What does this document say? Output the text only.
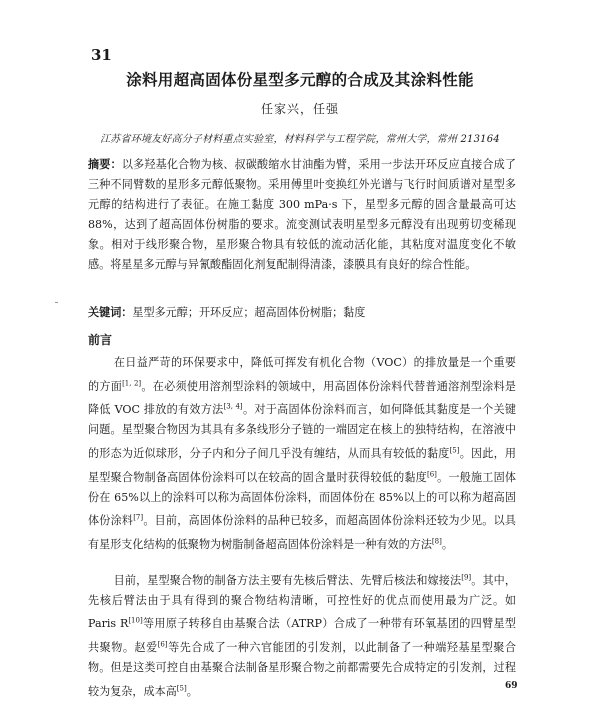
31
涂料用超高固体份星型多元醇的合成及其涂料性能
任家兴，任强
江苏省环境友好高分子材料重点实验室，材料科学与工程学院，常州大学，常州 213164
摘要：以多羟基化合物为核、叔碳酸缩水甘油酯为臂，采用一步法开环反应直接合成了三种不同臂数的星形多元醇低聚物。采用傅里叶变换红外光谱与飞行时间质谱对星型多元醇的结构进行了表征。在施工黏度 300 mPa·s 下，星型多元醇的固含量最高可达 88%，达到了超高固体份树脂的要求。流变测试表明星型多元醇没有出现剪切变稀现象。相对于线形聚合物，星形聚合物具有较低的流动活化能，其粘度对温度变化不敏感。将星星多元醇与异氰酸酯固化剂复配制得清漆，漆膜具有良好的综合性能。
关键词：星型多元醇；开环反应；超高固体份树脂；黏度
前言
在日益严苛的环保要求中，降低可挥发有机化合物（VOC）的排放量是一个重要的方面[1, 2]。在必须使用溶剂型涂料的领域中，用高固体份涂料代替普通溶剂型涂料是降低 VOC 排放的有效方法[3, 4]。对于高固体份涂料而言，如何降低其黏度是一个关键问题。星型聚合物因为其具有多条线形分子链的一端固定在核上的独特结构，在溶液中的形态为近似球形，分子内和分子间几乎没有缠结，从而具有较低的黏度[5]。因此，用星型聚合物制备高固体份涂料可以在较高的固含量时获得较低的黏度[6]。一般施工固体份在 65%以上的涂料可以称为高固体份涂料，而固体份在 85%以上的可以称为超高固体份涂料[7]。目前，高固体份涂料的品种已较多，而超高固体份涂料还较为少见。以具有星形支化结构的低聚物为树脂制备超高固体份涂料是一种有效的方法[8]。
目前，星型聚合物的制备方法主要有先核后臂法、先臂后核法和嫁接法[9]。其中，先核后臂法由于具有得到的聚合物结构清晰，可控性好的优点而使用最为广泛。如 Paris R[10]等用原子转移自由基聚合法（ATRP）合成了一种带有环氧基团的四臂星型共聚物。赵爱[6]等先合成了一种六官能团的引发剂，以此制备了一种端羟基星型聚合物。但是这类可控自由基聚合法制备星形聚合物之前都需要先合成特定的引发剂，过程较为复杂，成本高[5]。	69
